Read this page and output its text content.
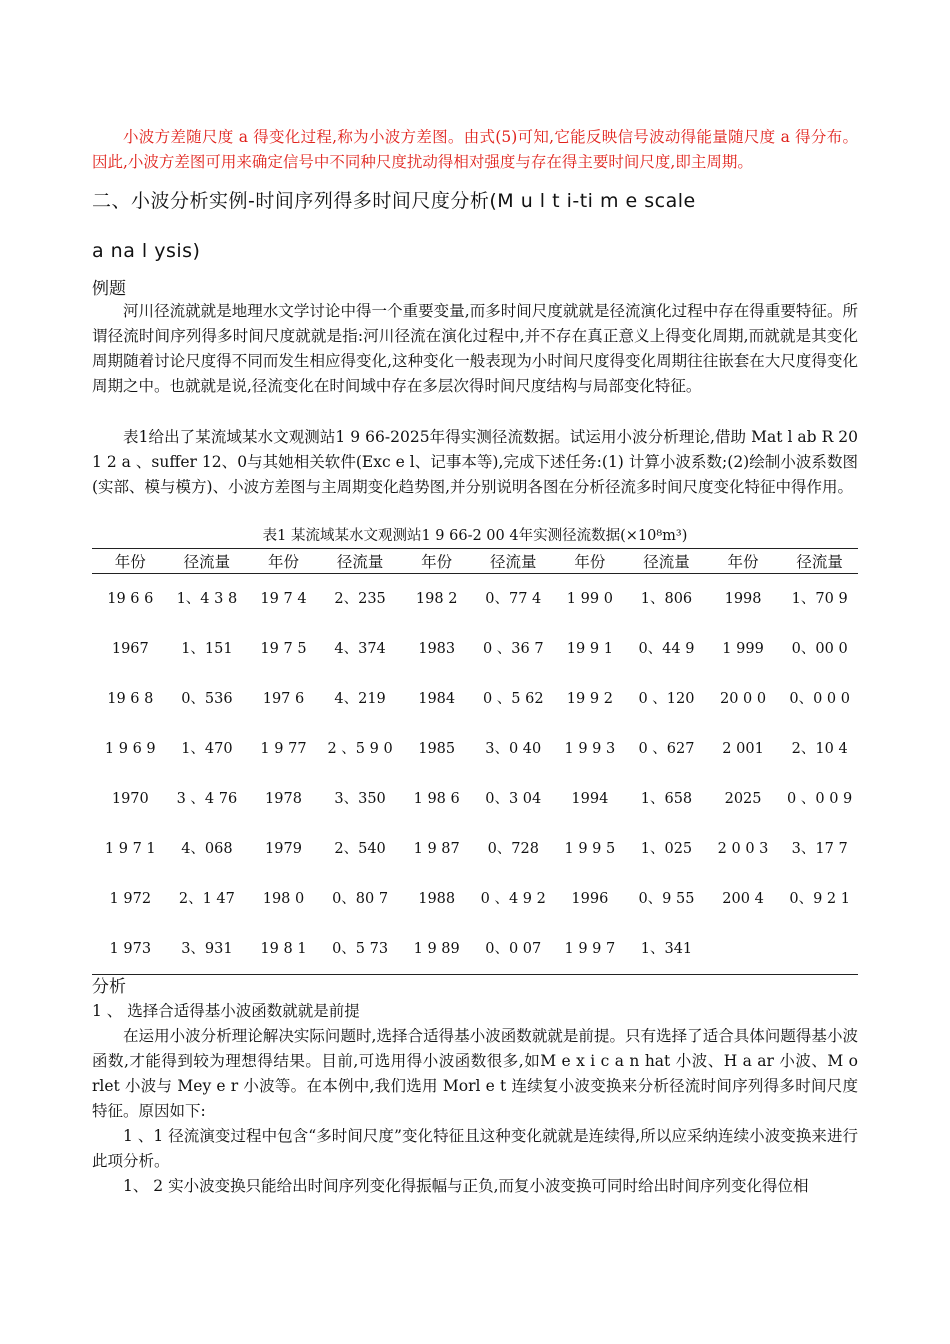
小波方差随尺度 a 得变化过程,称为小波方差图。由式(5)可知,它能反映信号波动得能量随尺度 a 得分布。因此,小波方差图可用来确定信号中不同种尺度扰动得相对强度与存在得主要时间尺度,即主周期。

二、小波分析实例-时间序列得多时间尺度分析(M u l t i-ti m e scale

a na l ysis)

例题

河川径流就就是地理水文学讨论中得一个重要变量,而多时间尺度就就是径流演化过程中存在得重要特征。所谓径流时间序列得多时间尺度就就是指:河川径流在演化过程中,并不存在真正意义上得变化周期,而就就是其变化周期随着讨论尺度得不同而发生相应得变化,这种变化一般表现为小时间尺度得变化周期往往嵌套在大尺度得变化周期之中。也就就是说,径流变化在时间域中存在多层次得时间尺度结构与局部变化特征。

表1给出了某流域某水文观测站1 9 66-2025年得实测径流数据。试运用小波分析理论,借助 Mat l ab R 20 1 2 a 、suffer 12、0与其她相关软件(Exc e l、记事本等),完成下述任务:(1) 计算小波系数;(2)绘制小波系数图(实部、模与模方)、小波方差图与主周期变化趋势图,并分别说明各图在分析径流多时间尺度变化特征中得作用。

表1 某流域某水文观测站1 9 66-2 00 4年实测径流数据(×10⁸m³)

年份	径流量	年份	径流量	年份	径流量	年份	径流量	年份	径流量
19 6 6	1、4 3 8	19 7 4	2、235	198 2	0、77 4	1 99 0	1、806	1998	1、70 9
1967	1、151	19 7 5	4、374	1983	0 、36 7	19 9 1	0、44 9	1 999	0、00 0
19 6 8	0、536	197 6	4、219	1984	0 、5 62	19 9 2	0 、120	20 0 0	0、0 0 0
1 9 6 9	1、470	1 9 77	2 、5 9 0	1985	3、0 40	1 9 9 3	0 、627	2 001	2、10 4
1970	3 、4 76	1978	3、350	1 98 6	0、3 04	1994	1、658	2025	0 、0 0 9
1 9 7 1	4、068	1979	2、540	1 9 87	0、728	1 9 9 5	1、025	2 0 0 3	3、17 7
1 972	2、1 47	198 0	0、80 7	1988	0 、4 9 2	1996	0、9 55	200 4	0、9 2 1
1 973	3、931	19 8 1	0、5 73	1 9 89	0、0 07	1 9 9 7	1、341		

分析

1 、 选择合适得基小波函数就就是前提

在运用小波分析理论解决实际问题时,选择合适得基小波函数就就是前提。只有选择了适合具体问题得基小波函数,才能得到较为理想得结果。目前,可选用得小波函数很多,如M e x i c a n hat 小波、H a ar 小波、M o rlet 小波与 Mey e r 小波等。在本例中,我们选用 Morl e t 连续复小波变换来分析径流时间序列得多时间尺度特征。原因如下:

1 、1 径流演变过程中包含“多时间尺度”变化特征且这种变化就就是连续得,所以应采纳连续小波变换来进行此项分析。

1、 2 实小波变换只能给出时间序列变化得振幅与正负,而复小波变换可同时给出时间序列变化得位相
